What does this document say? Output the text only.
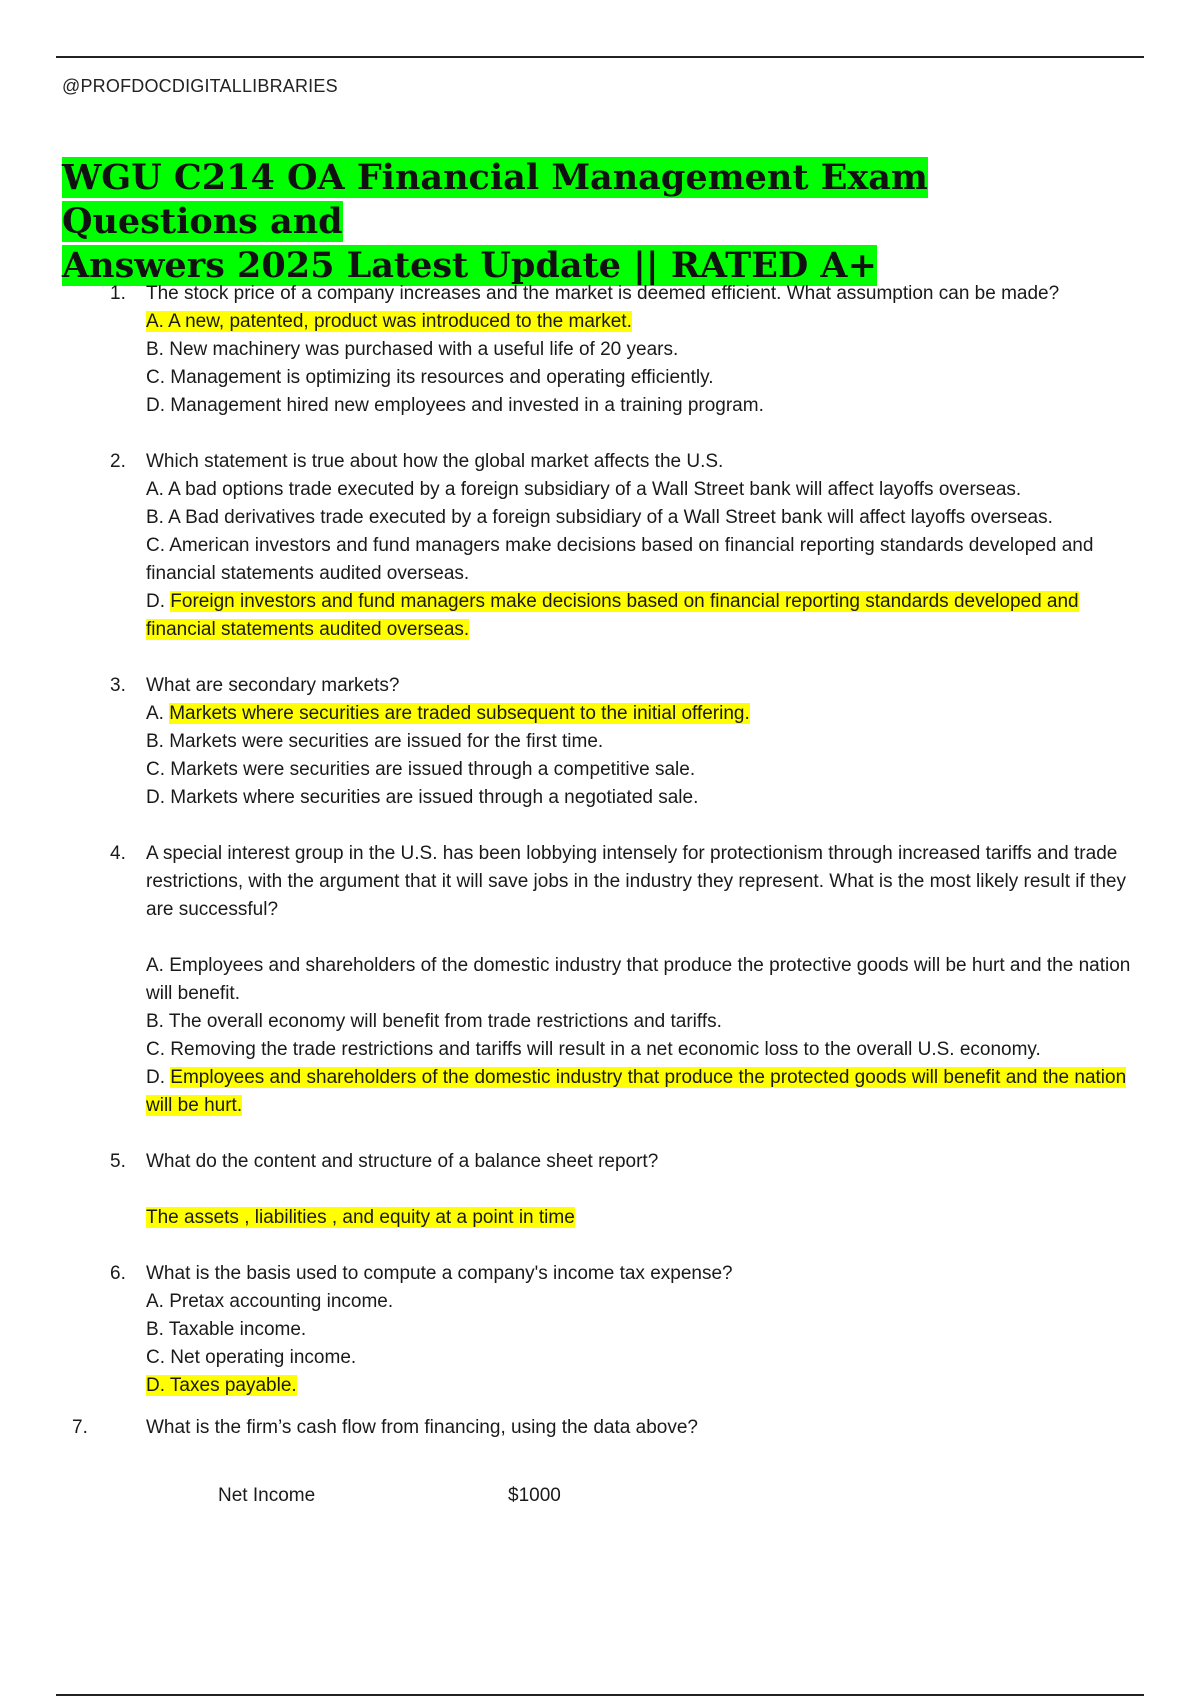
@PROFDOCDIGITALLIBRARIES
WGU C214 OA Financial Management Exam Questions and
Answers 2025 Latest Update || RATED A+
1. The stock price of a company increases and the market is deemed efficient. What assumption can be made?
A. A new, patented, product was introduced to the market.
B. New machinery was purchased with a useful life of 20 years.
C. Management is optimizing its resources and operating efficiently.
D. Management hired new employees and invested in a training program.
2. Which statement is true about how the global market affects the U.S.
A. A bad options trade executed by a foreign subsidiary of a Wall Street bank will affect layoffs overseas.
B. A Bad derivatives trade executed by a foreign subsidiary of a Wall Street bank will affect layoffs overseas.
C. American investors and fund managers make decisions based on financial reporting standards developed and financial statements audited overseas.
D. Foreign investors and fund managers make decisions based on financial reporting standards developed and financial statements audited overseas.
3. What are secondary markets?
A. Markets where securities are traded subsequent to the initial offering.
B. Markets were securities are issued for the first time.
C. Markets were securities are issued through a competitive sale.
D. Markets where securities are issued through a negotiated sale.
4. A special interest group in the U.S. has been lobbying intensely for protectionism through increased tariffs and trade restrictions, with the argument that it will save jobs in the industry they represent. What is the most likely result if they are successful?
A. Employees and shareholders of the domestic industry that produce the protective goods will be hurt and the nation will benefit.
B. The overall economy will benefit from trade restrictions and tariffs.
C. Removing the trade restrictions and tariffs will result in a net economic loss to the overall U.S. economy.
D. Employees and shareholders of the domestic industry that produce the protected goods will benefit and the nation will be hurt.
5. What do the content and structure of a balance sheet report?
The assets , liabilities , and equity at a point in time
6. What is the basis used to compute a company's income tax expense?
A. Pretax accounting income.
B. Taxable income.
C. Net operating income.
D. Taxes payable.
7.	What is the firm’s cash flow from financing, using the data above?
Net Income	$1000
